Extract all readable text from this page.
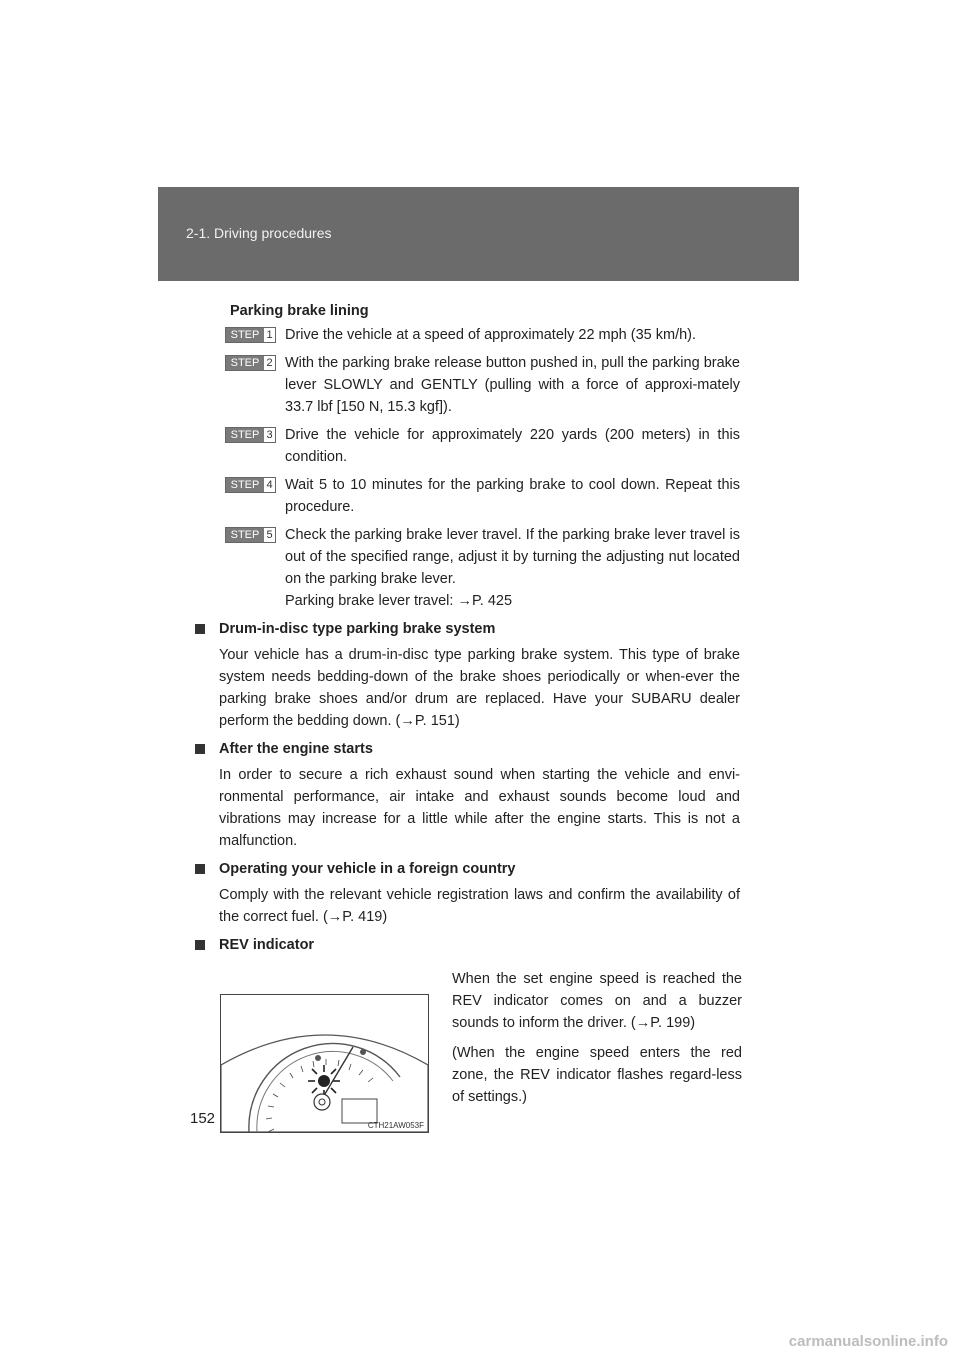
2-1. Driving procedures
Parking brake lining
STEP 1 Drive the vehicle at a speed of approximately 22 mph (35 km/h).
STEP 2 With the parking brake release button pushed in, pull the parking brake lever SLOWLY and GENTLY (pulling with a force of approxi-mately 33.7 lbf [150 N, 15.3 kgf]).
STEP 3 Drive the vehicle for approximately 220 yards (200 meters) in this condition.
STEP 4 Wait 5 to 10 minutes for the parking brake to cool down. Repeat this procedure.
STEP 5 Check the parking brake lever travel. If the parking brake lever travel is out of the specified range, adjust it by turning the adjusting nut located on the parking brake lever.
Parking brake lever travel: →P. 425
Drum-in-disc type parking brake system
Your vehicle has a drum-in-disc type parking brake system. This type of brake system needs bedding-down of the brake shoes periodically or when-ever the parking brake shoes and/or drum are replaced. Have your SUBARU dealer perform the bedding down. (→P. 151)
After the engine starts
In order to secure a rich exhaust sound when starting the vehicle and envi-ronmental performance, air intake and exhaust sounds become loud and vibrations may increase for a little while after the engine starts. This is not a malfunction.
Operating your vehicle in a foreign country
Comply with the relevant vehicle registration laws and confirm the availability of the correct fuel. (→P. 419)
REV indicator
CTH21AW053F

When the set engine speed is reached the REV indicator comes on and a buzzer sounds to inform the driver. (→P. 199)

(When the engine speed enters the red zone, the REV indicator flashes regard-less of settings.)

152
carmanualsonline.info
